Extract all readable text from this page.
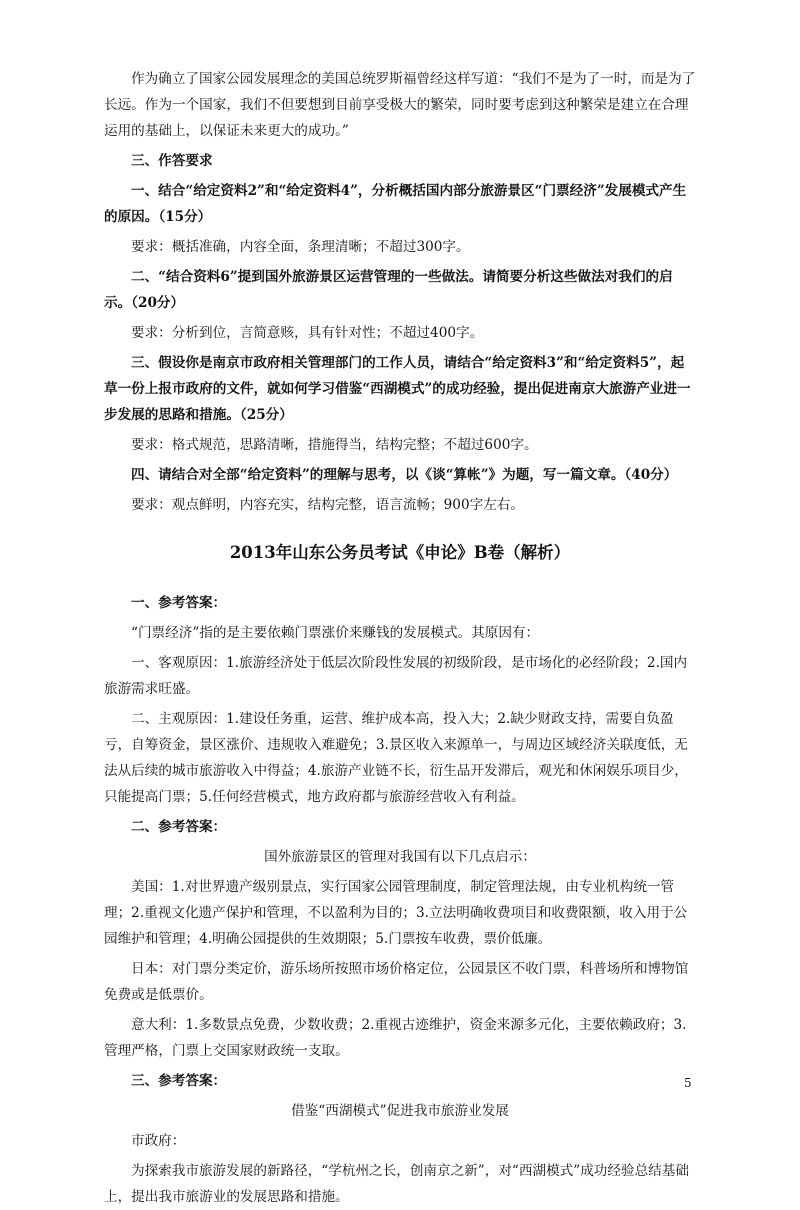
作为确立了国家公园发展理念的美国总统罗斯福曾经这样写道：“我们不是为了一时，而是为了长远。作为一个国家，我们不但要想到目前享受极大的繁荣，同时要考虑到这种繁荣是建立在合理运用的基础上，以保证未来更大的成功。”

三、作答要求

一、结合“给定资料2”和“给定资料4”，分析概括国内部分旅游景区“门票经济”发展模式产生的原因。（15分）

要求：概括准确，内容全面，条理清晰；不超过300字。

二、“结合资料6”提到国外旅游景区运营管理的一些做法。请简要分析这些做法对我们的启示。（20分）

要求：分析到位，言简意赅，具有针对性；不超过400字。

三、假设你是南京市政府相关管理部门的工作人员，请结合“给定资料3”和“给定资料5”，起草一份上报市政府的文件，就如何学习借鉴“西湖模式”的成功经验，提出促进南京大旅游产业进一步发展的思路和措施。（25分）

要求：格式规范，思路清晰，措施得当，结构完整；不超过600字。

四、请结合对全部“给定资料”的理解与思考，以《谈“算帐”》为题，写一篇文章。（40分）

要求：观点鲜明，内容充实，结构完整，语言流畅；900字左右。

2013年山东公务员考试《申论》B卷（解析）

一、参考答案：

“门票经济”指的是主要依赖门票涨价来赚钱的发展模式。其原因有：

一、客观原因：1.旅游经济处于低层次阶段性发展的初级阶段，是市场化的必经阶段；2.国内旅游需求旺盛。

二、主观原因：1.建设任务重，运营、维护成本高，投入大；2.缺少财政支持，需要自负盈亏，自筹资金，景区涨价、违规收入难避免；3.景区收入来源单一，与周边区域经济关联度低，无法从后续的城市旅游收入中得益；4.旅游产业链不长，衍生品开发滞后，观光和休闲娱乐项目少，只能提高门票；5.任何经营模式，地方政府都与旅游经营收入有利益。

二、参考答案：

国外旅游景区的管理对我国有以下几点启示：

美国：1.对世界遗产级别景点，实行国家公园管理制度，制定管理法规，由专业机构统一管理；2.重视文化遗产保护和管理，不以盈利为目的；3.立法明确收费项目和收费限额，收入用于公园维护和管理；4.明确公园提供的生效期限；5.门票按车收费，票价低廉。

日本：对门票分类定价，游乐场所按照市场价格定位，公园景区不收门票，科普场所和博物馆免费或是低票价。

意大利：1.多数景点免费，少数收费；2.重视古迹维护，资金来源多元化，主要依赖政府；3.管理严格，门票上交国家财政统一支取。

三、参考答案：

借鉴“西湖模式”促进我市旅游业发展

市政府：

为探索我市旅游发展的新路径，“学杭州之长，创南京之新”，对“西湖模式”成功经验总结基础上，提出我市旅游业的发展思路和措施。

5
